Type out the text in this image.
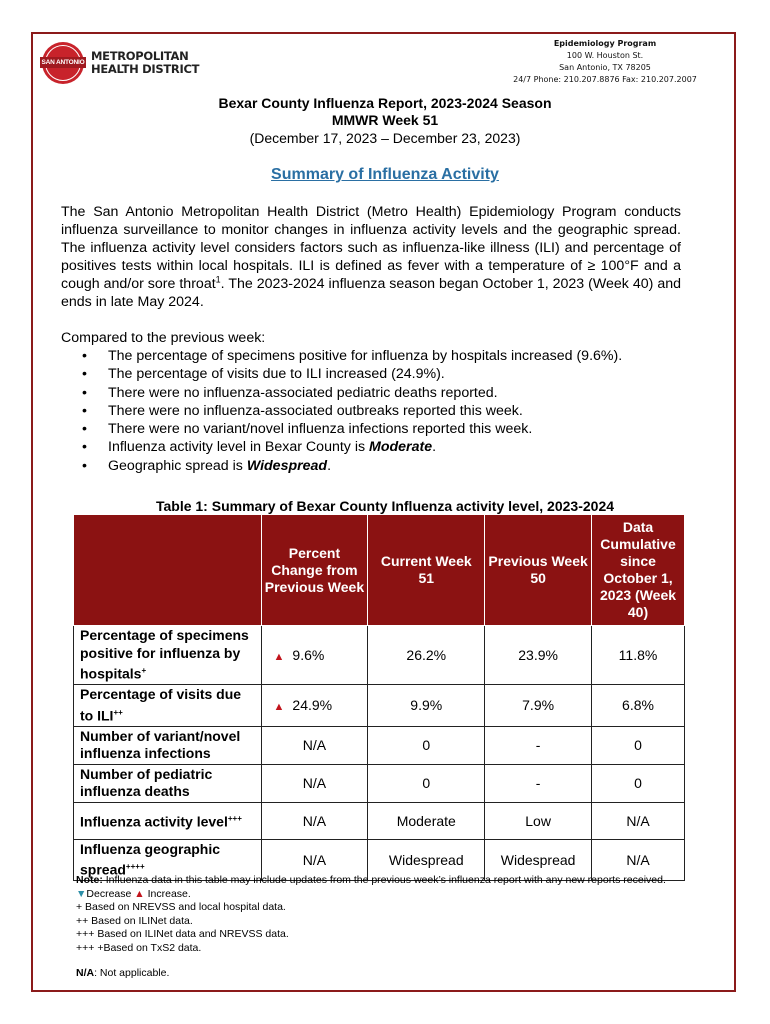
SAN ANTONIO METROPOLITAN
HEALTH DISTRICT
Epidemiology Program
100 W. Houston St.
San Antonio, TX 78205
24/7 Phone: 210.207.8876 Fax: 210.207.2007
Bexar County Influenza Report, 2023-2024 Season
MMWR Week 51
(December 17, 2023 – December 23, 2023)
Summary of Influenza Activity
The San Antonio Metropolitan Health District (Metro Health) Epidemiology Program conducts influenza surveillance to monitor changes in influenza activity levels and the geographic spread. The influenza activity level considers factors such as influenza-like illness (ILI) and percentage of positives tests within local hospitals. ILI is defined as fever with a temperature of ≥ 100°F and a cough and/or sore throat$^1$. The 2023-2024 influenza season began October 1, 2023 (Week 40) and ends in late May 2024.
Compared to the previous week:
• The percentage of specimens positive for influenza by hospitals increased (9.6%).
• The percentage of visits due to ILI increased (24.9%).
• There were no influenza-associated pediatric deaths reported.
• There were no influenza-associated outbreaks reported this week.
• There were no variant/novel influenza infections reported this week.
• Influenza activity level in Bexar County is Moderate.
• Geographic spread is Widespread.
Table 1: Summary of Bexar County Influenza activity level, 2023-2024
	Percent Change from Previous Week	Current Week 51	Previous Week 50	Data Cumulative since October 1, 2023 (Week 40)
Percentage of specimens positive for influenza by hospitals+	▲ 9.6%	26.2%	23.9%	11.8%
Percentage of visits due to ILI++	▲ 24.9%	9.9%	7.9%	6.8%
Number of variant/novel influenza infections	N/A	0	-	0
Number of pediatric influenza deaths	N/A	0	-	0
Influenza activity level+++	N/A	Moderate	Low	N/A
Influenza geographic spread++++	N/A	Widespread	Widespread	N/A
Note: Influenza data in this table may include updates from the previous week’s influenza report with any new reports received.
▼Decrease ▲ Increase.
+ Based on NREVSS and local hospital data.
++ Based on ILINet data.
+++ Based on ILINet data and NREVSS data.
+++ +Based on TxS2 data.
N/A: Not applicable.
